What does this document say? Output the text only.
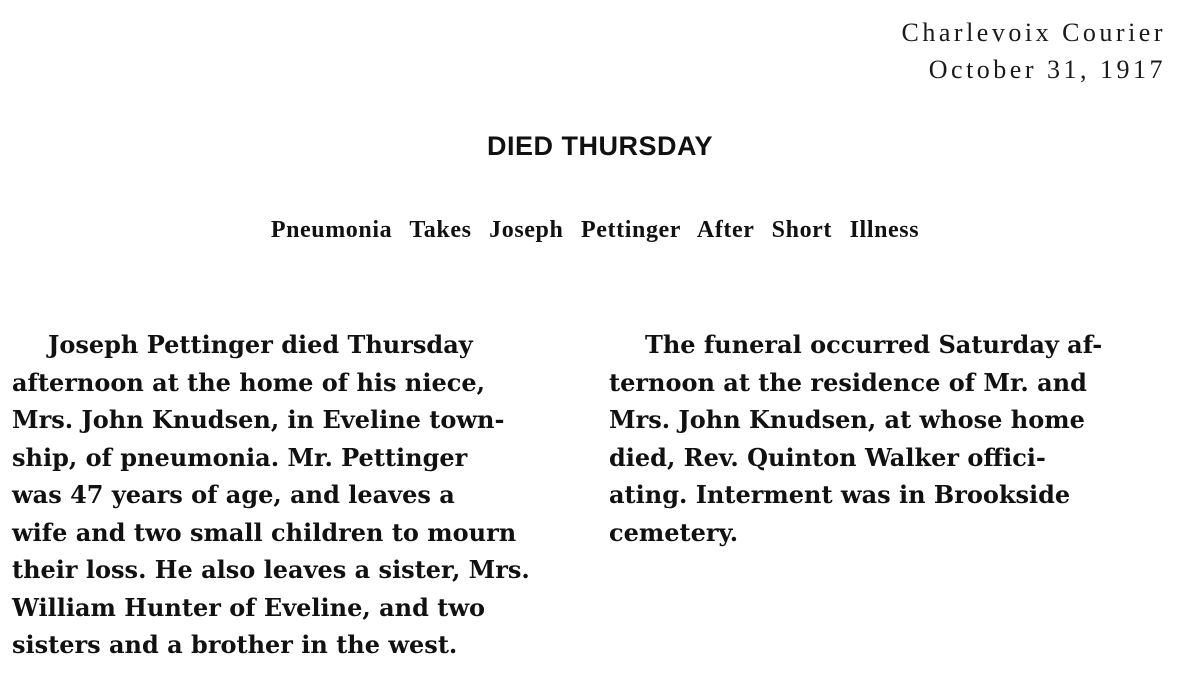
Charlevoix Courier
October 31, 1917
DIED THURSDAY
Pneumonia Takes Joseph Pettinger After Short Illness
Joseph Pettinger died Thursday
afternoon at the home of his niece,
Mrs. John Knudsen, in Eveline town-
ship, of pneumonia. Mr. Pettinger
was 47 years of age, and leaves a
wife and two small children to mourn
their loss. He also leaves a sister, Mrs.
William Hunter of Eveline, and two
sisters and a brother in the west.
The funeral occurred Saturday af-
ternoon at the residence of Mr. and
Mrs. John Knudsen, at whose home
died, Rev. Quinton Walker offici-
ating. Interment was in Brookside
cemetery.
